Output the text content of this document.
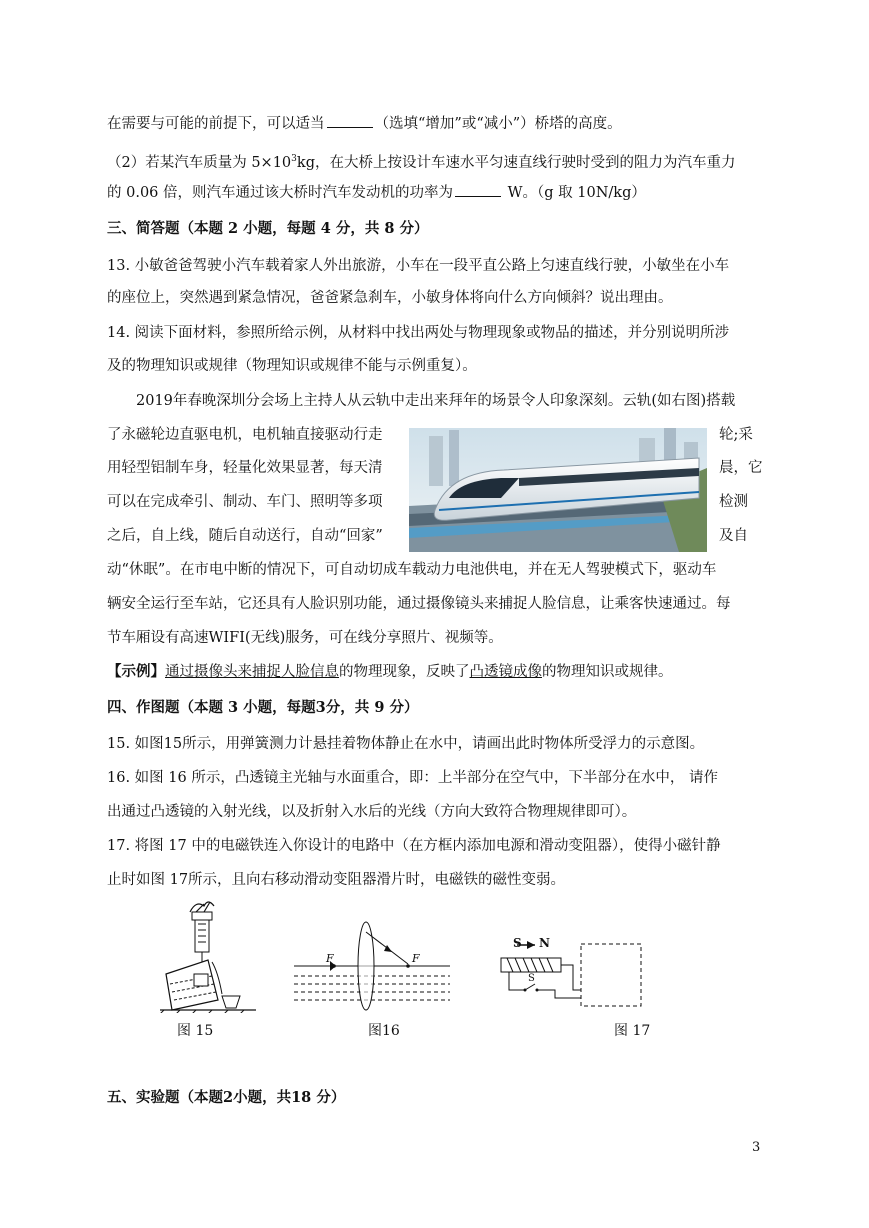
在需要与可能的前提下，可以适当	（选填“增加”或“减小”）桥塔的高度。
（2）若某汽车质量为 $5\times 10^3kg$，在大桥上按设计车速水平匀速直线行驶时受到的阻力为汽车重力
的 0.06 倍，则汽车通过该大桥时汽车发动机的功率为	W。（g 取 10N/kg）
三、简答题（本题 2 小题，每题 4 分，共 8 分）
13. 小敏爸爸驾驶小汽车载着家人外出旅游，小车在一段平直公路上匀速直线行驶，小敏坐在小车
的座位上，突然遇到紧急情况，爸爸紧急刹车，小敏身体将向什么方向倾斜？说出理由。
14. 阅读下面材料，参照所给示例，从材料中找出两处与物理现象或物品的描述，并分别说明所涉
及的物理知识或规律（物理知识或规律不能与示例重复）。
2019年春晚深圳分会场上主持人从云轨中走出来拜年的场景令人印象深刻。云轨(如右图)搭载
了永磁轮边直驱电机，电机轴直接驱动行走	轮;采
用轻型铝制车身，轻量化效果显著，每天清	晨，它
可以在完成牵引、制动、车门、照明等多项	检测
之后，自上线，随后自动送行，自动“回家”	及自
动“休眠”。在市电中断的情况下，可自动切成车载动力电池供电，并在无人驾驶模式下，驱动车
辆安全运行至车站，它还具有人脸识别功能，通过摄像镜头来捕捉人脸信息，让乘客快速通过。每
节车厢设有高速WIFI(无线)服务，可在线分享照片、视频等。
【示例】通过摄像头来捕捉人脸信息的物理现象，反映了凸透镜成像的物理知识或规律。
四、作图题（本题 3 小题，每题3分，共 9 分）
15. 如图15所示，用弹簧测力计悬挂着物体静止在水中，请画出此时物体所受浮力的示意图。
16. 如图 16 所示，凸透镜主光轴与水面重合，即：上半部分在空气中，下半部分在水中， 请作
出通过凸透镜的入射光线，以及折射入水后的光线（方向大致符合物理规律即可）。
17. 将图 17 中的电磁铁连入你设计的电路中（在方框内添加电源和滑动变阻器），使得小磁针静
止时如图 17所示，且向右移动滑动变阻器滑片时，电磁铁的磁性变弱。
F	F
S N
S
图 15	图16	图 17
五、实验题（本题2小题，共18 分）
3
